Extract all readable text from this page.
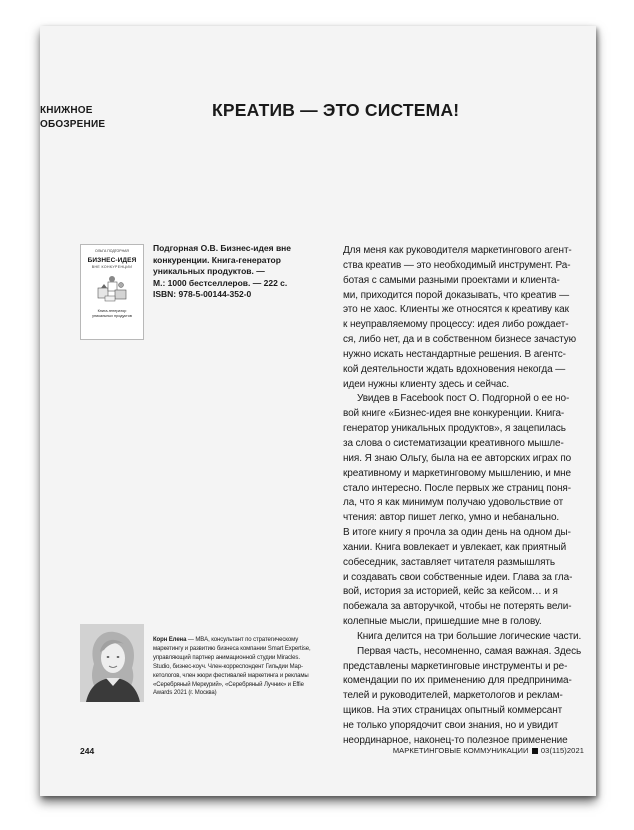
КНИЖНОЕ
ОБОЗРЕНИЕ
КРЕАТИВ — ЭТО СИСТЕМА!
ОЛЬГА ПОДГОРНАЯ
БИЗНЕС-ИДЕЯ
ВНЕ КОНКУРЕНЦИИ
Книга-генератор
уникальных продуктов
Подгорная О.В. Бизнес-идея вне
конкуренции. Книга-генератор
уникальных продуктов. —
М.: 1000 бестселлеров. — 222 с.
ISBN: 978-5-00144-352-0
Для меня как руководителя маркетингового агент-
ства креатив — это необходимый инструмент. Ра-
ботая с самыми разными проектами и клиента-
ми, приходится порой доказывать, что креатив —
это не хаос. Клиенты же относятся к креативу как
к неуправляемому процессу: идея либо рождает-
ся, либо нет, да и в собственном бизнесе зачастую
нужно искать нестандартные решения. В агентс-
кой деятельности ждать вдохновения некогда —
идеи нужны клиенту здесь и сейчас.
Увидев в Facebook пост О. Подгорной о ее но-
вой книге «Бизнес-идея вне конкуренции. Книга-
генератор уникальных продуктов», я зацепилась
за слова о систематизации креативного мышле-
ния. Я знаю Ольгу, была на ее авторских играх по
креативному и маркетинговому мышлению, и мне
стало интересно. После первых же страниц поня-
ла, что я как минимум получаю удовольствие от
чтения: автор пишет легко, умно и небанально.
В итоге книгу я прочла за один день на одном ды-
хании. Книга вовлекает и увлекает, как приятный
собеседник, заставляет читателя размышлять
и создавать свои собственные идеи. Глава за гла-
вой, история за историей, кейс за кейсом… и я
побежала за авторучкой, чтобы не потерять вели-
колепные мысли, пришедшие мне в голову.
Книга делится на три большие логические части.
Первая часть, несомненно, самая важная. Здесь
представлены маркетинговые инструменты и ре-
комендации по их применению для предпринима-
телей и руководителей, маркетологов и реклам-
щиков. На этих страницах опытный коммерсант
не только упорядочит свои знания, но и увидит
неординарное, наконец-то полезное применение
Корн Елена — MBA, консультант по стратегическому
маркетингу и развитию бизнеса компании Smart Expertise,
управляющий партнер анимационной студии Miracles.
Studio, бизнес-коуч. Член-корреспондент Гильдии Мар-
кетологов, член жюри фестивалей маркетинга и рекламы
«Серебряный Меркурий», «Серебряный Лучник» и Effie
Awards 2021 (г. Москва)
244	МАРКЕТИНГОВЫЕ КОММУНИКАЦИИ 03(115)2021
